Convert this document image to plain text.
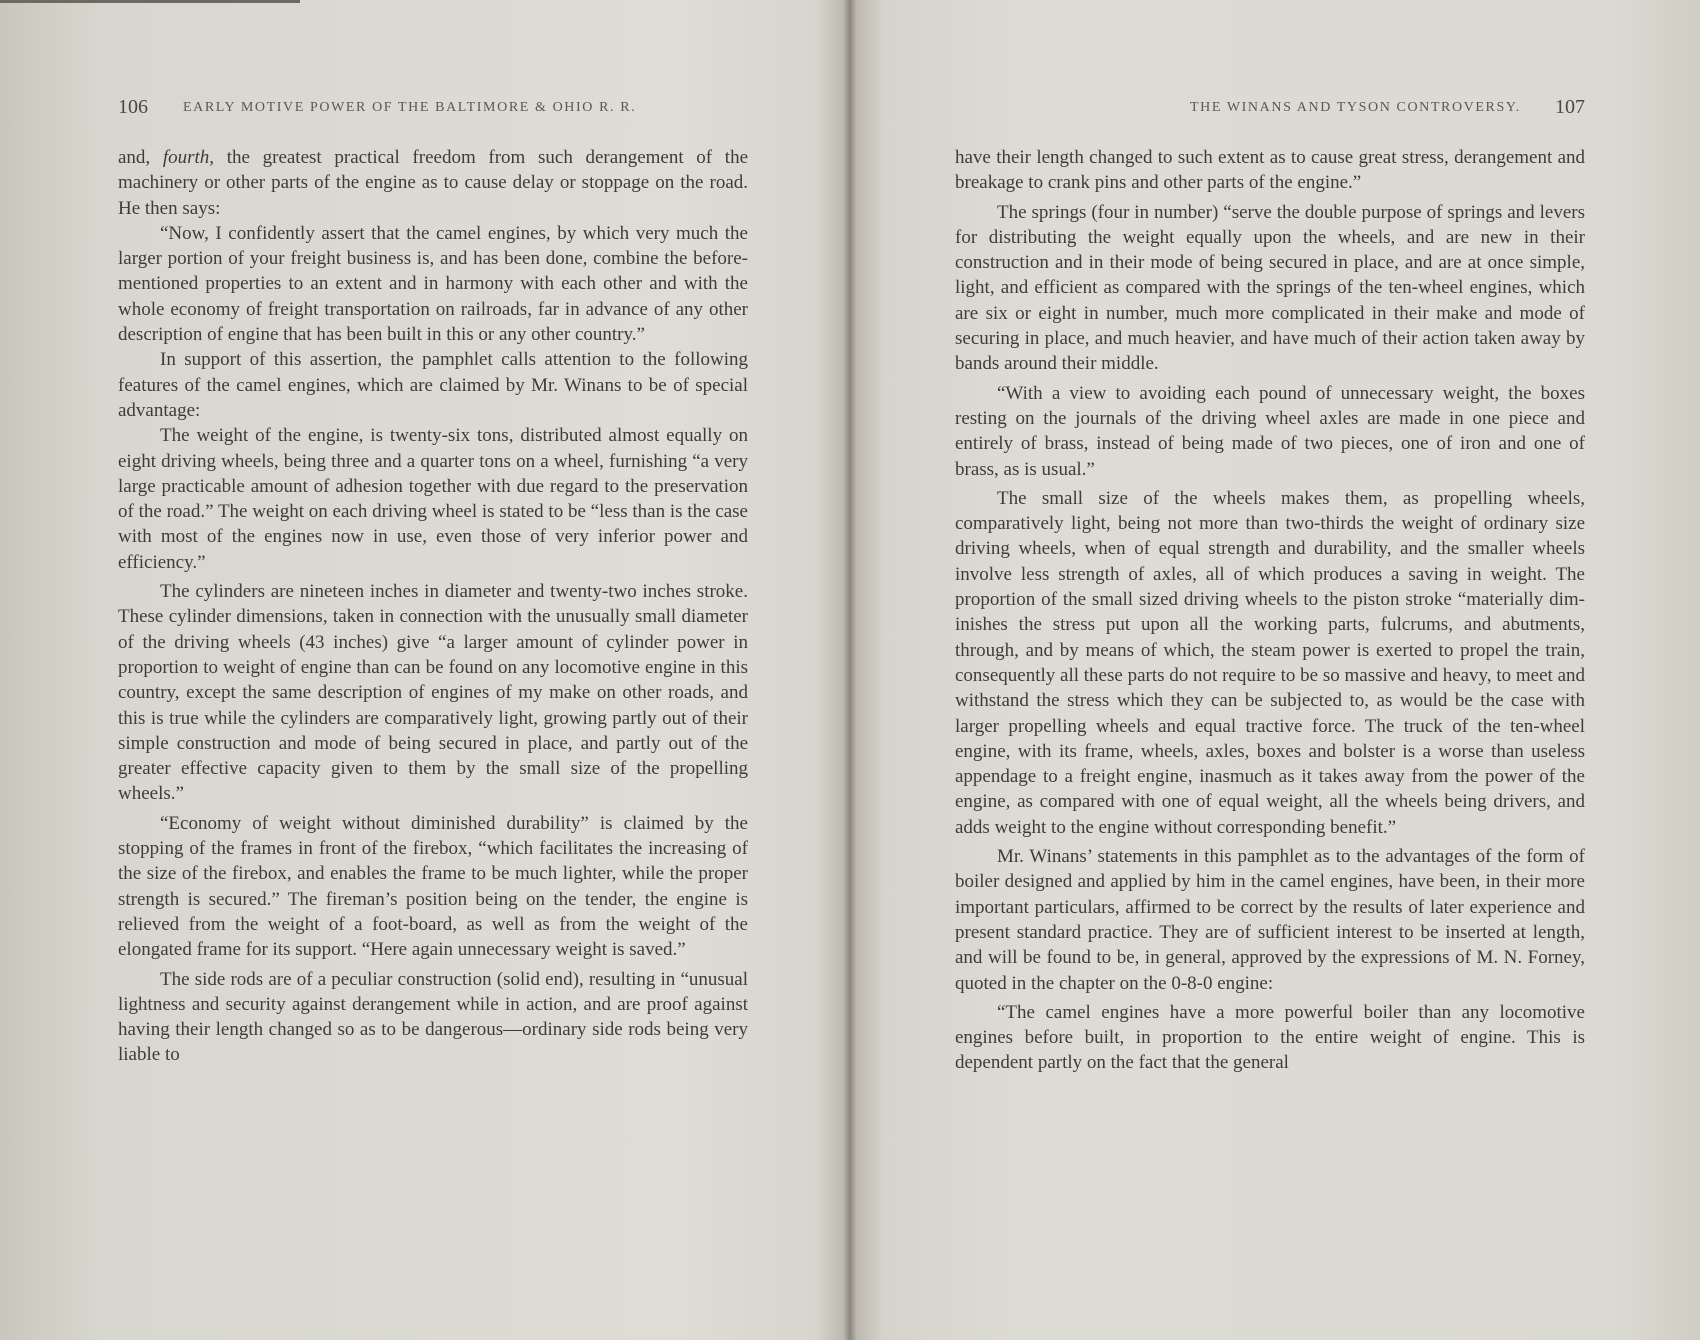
106	EARLY MOTIVE POWER OF THE BALTIMORE & OHIO R. R.

and, fourth, the greatest practical freedom from such derangement of the machinery or other parts of the engine as to cause delay or stoppage on the road. He then says:

“Now, I confidently assert that the camel engines, by which very much the larger portion of your freight business is, and has been done, combine the before-mentioned properties to an extent and in harmony with each other and with the whole economy of freight transportation on railroads, far in advance of any other description of engine that has been built in this or any other country.”

In support of this assertion, the pamphlet calls attention to the following features of the camel engines, which are claimed by Mr. Winans to be of special advantage:

The weight of the engine, is twenty-six tons, distributed almost equally on eight driving wheels, being three and a quarter tons on a wheel, furnishing “a very large practicable amount of adhesion together with due regard to the preservation of the road.” The weight on each driving wheel is stated to be “less than is the case with most of the engines now in use, even those of very inferior power and efficiency.”

The cylinders are nineteen inches in diameter and twenty-two inches stroke. These cylinder dimensions, taken in connection with the unusually small diameter of the driving wheels (43 inches) give “a larger amount of cylinder power in proportion to weight of engine than can be found on any locomotive engine in this country, except the same description of engines of my make on other roads, and this is true while the cylinders are comparatively light, growing partly out of their simple construction and mode of being secured in place, and partly out of the greater effective capacity given to them by the small size of the propelling wheels.”

“Economy of weight without diminished durability” is claimed by the stopping of the frames in front of the firebox, “which facilitates the increasing of the size of the firebox, and enables the frame to be much lighter, while the proper strength is secured.” The fireman’s position being on the tender, the engine is relieved from the weight of a foot-board, as well as from the weight of the elongated frame for its support. “Here again unnecessary weight is saved.”

The side rods are of a peculiar construction (solid end), resulting in “unusual lightness and security against derangement while in action, and are proof against having their length changed so as to be dangerous—ordinary side rods being very liable to

THE WINANS AND TYSON CONTROVERSY. 107

have their length changed to such extent as to cause great stress, derangement and breakage to crank pins and other parts of the engine.”

The springs (four in number) “serve the double purpose of springs and levers for distributing the weight equally upon the wheels, and are new in their construction and in their mode of being secured in place, and are at once simple, light, and efficient as compared with the springs of the ten-wheel engines, which are six or eight in number, much more complicated in their make and mode of securing in place, and much heavier, and have much of their action taken away by bands around their middle.

“With a view to avoiding each pound of unnecessary weight, the boxes resting on the journals of the driving wheel axles are made in one piece and entirely of brass, instead of being made of two pieces, one of iron and one of brass, as is usual.”

The small size of the wheels makes them, as propelling wheels, comparatively light, being not more than two-thirds the weight of ordinary size driving wheels, when of equal strength and durability, and the smaller wheels involve less strength of axles, all of which produces a saving in weight. The proportion of the small sized driving wheels to the piston stroke “materially diminishes the stress put upon all the working parts, fulcrums, and abutments, through, and by means of which, the steam power is exerted to propel the train, consequently all these parts do not require to be so massive and heavy, to meet and withstand the stress which they can be subjected to, as would be the case with larger propelling wheels and equal tractive force. The truck of the ten-wheel engine, with its frame, wheels, axles, boxes and bolster is a worse than useless appendage to a freight engine, inasmuch as it takes away from the power of the engine, as compared with one of equal weight, all the wheels being drivers, and adds weight to the engine without corresponding benefit.”

Mr. Winans’ statements in this pamphlet as to the advantages of the form of boiler designed and applied by him in the camel engines, have been, in their more important particulars, affirmed to be correct by the results of later experience and present standard practice. They are of sufficient interest to be inserted at length, and will be found to be, in general, approved by the expressions of M. N. Forney, quoted in the chapter on the 0-8-0 engine:

“The camel engines have a more powerful boiler than any locomotive engines before built, in proportion to the entire weight of engine. This is dependent partly on the fact that the general
